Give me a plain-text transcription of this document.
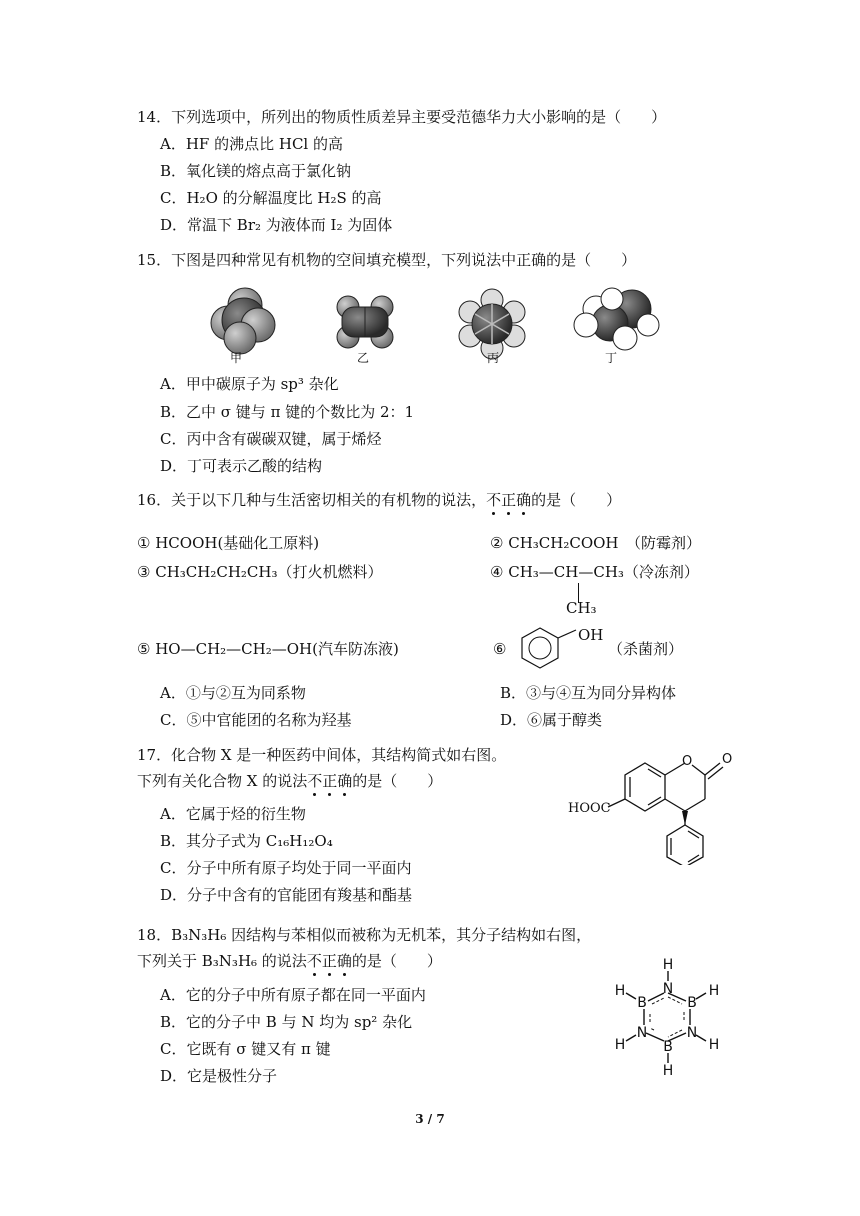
14．下列选项中，所列出的物质性质差异主要受范德华力大小影响的是（　　）
A．HF 的沸点比 HCl 的高
B．氧化镁的熔点高于氯化钠
C．H₂O 的分解温度比 H₂S 的高
D．常温下 Br₂ 为液体而 I₂ 为固体
15．下图是四种常见有机物的空间填充模型，下列说法中正确的是（　　）
甲	乙	丙	丁
A．甲中碳原子为 sp³ 杂化
B．乙中 σ 键与 π 键的个数比为 2：1
C．丙中含有碳碳双键，属于烯烃
D．丁可表示乙酸的结构
16．关于以下几种与生活密切相关的有机物的说法，不正确的是（　　）
① HCOOH(基础化工原料)	② CH₃CH₂COOH　（防霉剂）
③ CH₃CH₂CH₂CH₃（打火机燃料）	④ CH₃—CH—CH₃（冷冻剂）
CH₃
⑤ HO—CH₂—CH₂—OH(汽车防冻液)	⑥
OH
（杀菌剂）
A．①与②互为同系物	B．③与④互为同分异构体
C．⑤中官能团的名称为羟基	D．⑥属于醇类
17．化合物 X 是一种医药中间体，其结构简式如右图。
下列有关化合物 X 的说法不正确的是（　　）
A．它属于烃的衍生物
B．其分子式为 C₁₆H₁₂O₄
C．分子中所有原子均处于同一平面内
D．分子中含有的官能团有羧基和酯基
O O
HOOC
18．B₃N₃H₆ 因结构与苯相似而被称为无机苯，其分子结构如右图，
下列关于 B₃N₃H₆ 的说法不正确的是（　　）
A．它的分子中所有原子都在同一平面内
B．它的分子中 B 与 N 均为 sp² 杂化
C．它既有 σ 键又有 π 键
D．它是极性分子
H
N
B
H
N
H
B
H
N
H
B
H
3 / 7
